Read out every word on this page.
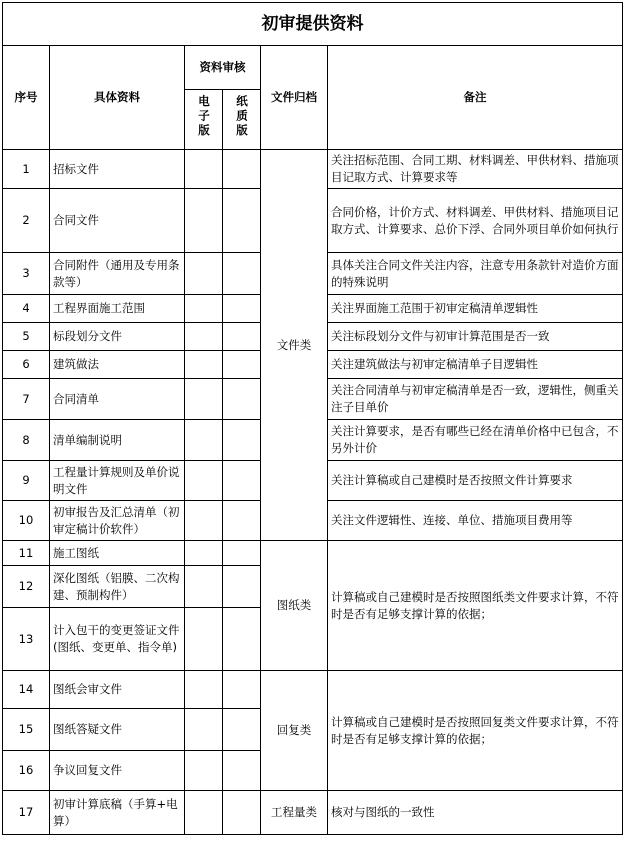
初审提供资料					
序号	具体资料	资料审核		文件归档	备注
		电子版	纸质版		
1	招标文件			文件类	关注招标范围、合同工期、材料调差、甲供材料、措施项目记取方式、计算要求等
2	合同文件				合同价格，计价方式、材料调差、甲供材料、措施项目记取方式、计算要求、总价下浮、合同外项目单价如何执行
3	合同附件（通用及专用条款等）				具体关注合同文件关注内容，注意专用条款针对造价方面的特殊说明
4	工程界面施工范围				关注界面施工范围于初审定稿清单逻辑性
5	标段划分文件				关注标段划分文件与初审计算范围是否一致
6	建筑做法				关注建筑做法与初审定稿清单子目逻辑性
7	合同清单				关注合同清单与初审定稿清单是否一致，逻辑性，侧重关注子目单价
8	清单编制说明				关注计算要求，是否有哪些已经在清单价格中已包含，不另外计价
9	工程量计算规则及单价说明文件				关注计算稿或自己建模时是否按照文件计算要求
10	初审报告及汇总清单（初审定稿计价软件）				关注文件逻辑性、连接、单位、措施项目费用等
11	施工图纸			图纸类	计算稿或自己建模时是否按照图纸类文件要求计算，不符时是否有足够支撑计算的依据；
12	深化图纸（铝膜、二次构建、预制构件）				
13	计入包干的变更签证文件(图纸、变更单、指令单)				
14	图纸会审文件			回复类	计算稿或自己建模时是否按照回复类文件要求计算，不符时是否有足够支撑计算的依据；
15	图纸答疑文件				
16	争议回复文件				
17	初审计算底稿（手算+电算）			工程量类	核对与图纸的一致性
